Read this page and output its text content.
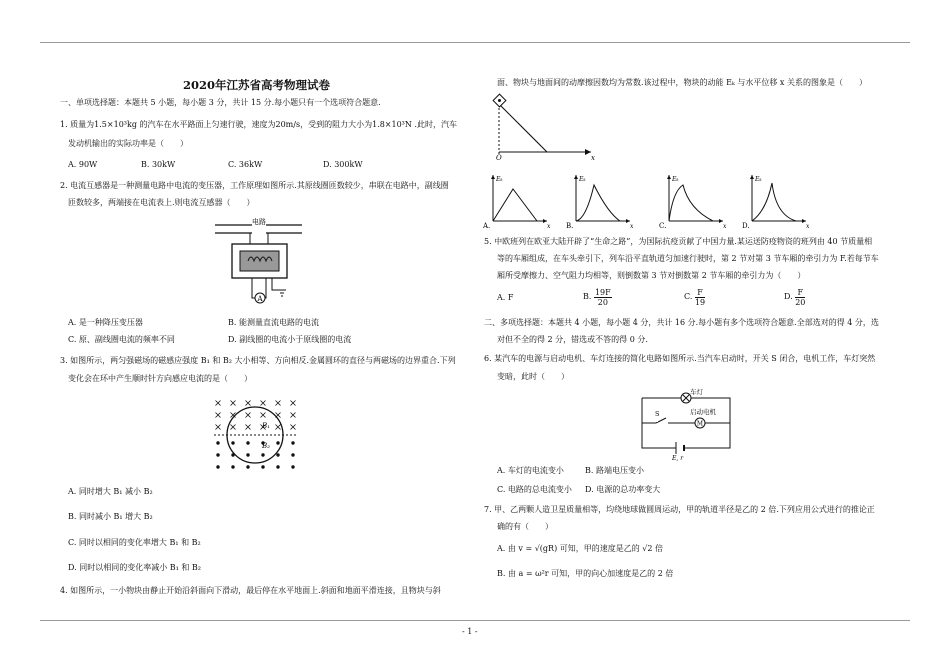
- 1 -
2020年江苏省高考物理试卷
一、单项选择题：本题共 5 小题，每小题 3 分，共计 15 分.每小题只有一个选项符合题意.
1. 质量为1.5×10³kg 的汽车在水平路面上匀速行驶，速度为20m/s，受到的阻力大小为1.8×10³N .此时，汽车
发动机输出的实际功率是（　　）
A. 90W	B. 30kW	C. 36kW	D. 300kW
2. 电流互感器是一种测量电路中电流的变压器，工作原理如图所示.其原线圈匝数较少，串联在电路中，副线圈
匝数较多，两端接在电流表上.则电流互感器（　　）
电路
A
A. 是一种降压变压器	B. 能测量直流电路的电流
C. 原、副线圈电流的频率不同	D. 副线圈的电流小于原线圈的电流
3. 如图所示，两匀强磁场的磁感应强度 B₁ 和 B₂ 大小相等、方向相反.金属圆环的直径与两磁场的边界重合.下列
变化会在环中产生顺时针方向感应电流的是（　　）
B₁
B₂
A. 同时增大 B₁ 减小 B₂
B. 同时减小 B₁ 增大 B₂
C. 同时以相同的变化率增大 B₁ 和 B₂
D. 同时以相同的变化率减小 B₁ 和 B₂
4. 如图所示，一小物块由静止开始沿斜面向下滑动，最后停在水平地面上.斜面和地面平滑连接，且物块与斜
面、物块与地面间的动摩擦因数均为常数.该过程中，物块的动能 Eₖ 与水平位移 x 关系的图象是（　　）
O	x
Eₖ
A.	x
Eₖ
B.	x
Eₖ
C.	x
Eₖ
D.	x
5. 中欧班列在欧亚大陆开辟了“生命之路”，为国际抗疫贡献了中国力量.某运送防疫物资的班列由 40 节质量相
等的车厢组成，在车头牵引下，列车沿平直轨道匀加速行驶时，第 2 节对第 3 节车厢的牵引力为 F.若每节车
厢所受摩擦力、空气阻力均相等，则倒数第 3 节对倒数第 2 节车厢的牵引力为（　　）
A. F	B. $\frac{19F}{20}$	C. $\frac{F}{19}$	D. $\frac{F}{20}$
二、多项选择题：本题共 4 小题，每小题 4 分，共计 16 分.每小题有多个选项符合题意.全部选对的得 4 分，选
对但不全的得 2 分，错选或不答的得 0 分.
6. 某汽车的电源与启动电机、车灯连接的简化电路如图所示.当汽车启动时，开关 S 闭合，电机工作，车灯突然
变暗，此时（　　）
车灯
S
M
启动电机
E, r
A. 车灯的电流变小	B. 路端电压变小
C. 电路的总电流变小 D. 电源的总功率变大
7. 甲、乙两颗人造卫星质量相等，均绕地球做圆周运动，甲的轨道半径是乙的 2 倍.下列应用公式进行的推论正
确的有（　　）
A. 由 v = √(gR) 可知，甲的速度是乙的 √2 倍
B. 由 a = ω²r 可知，甲的向心加速度是乙的 2 倍
